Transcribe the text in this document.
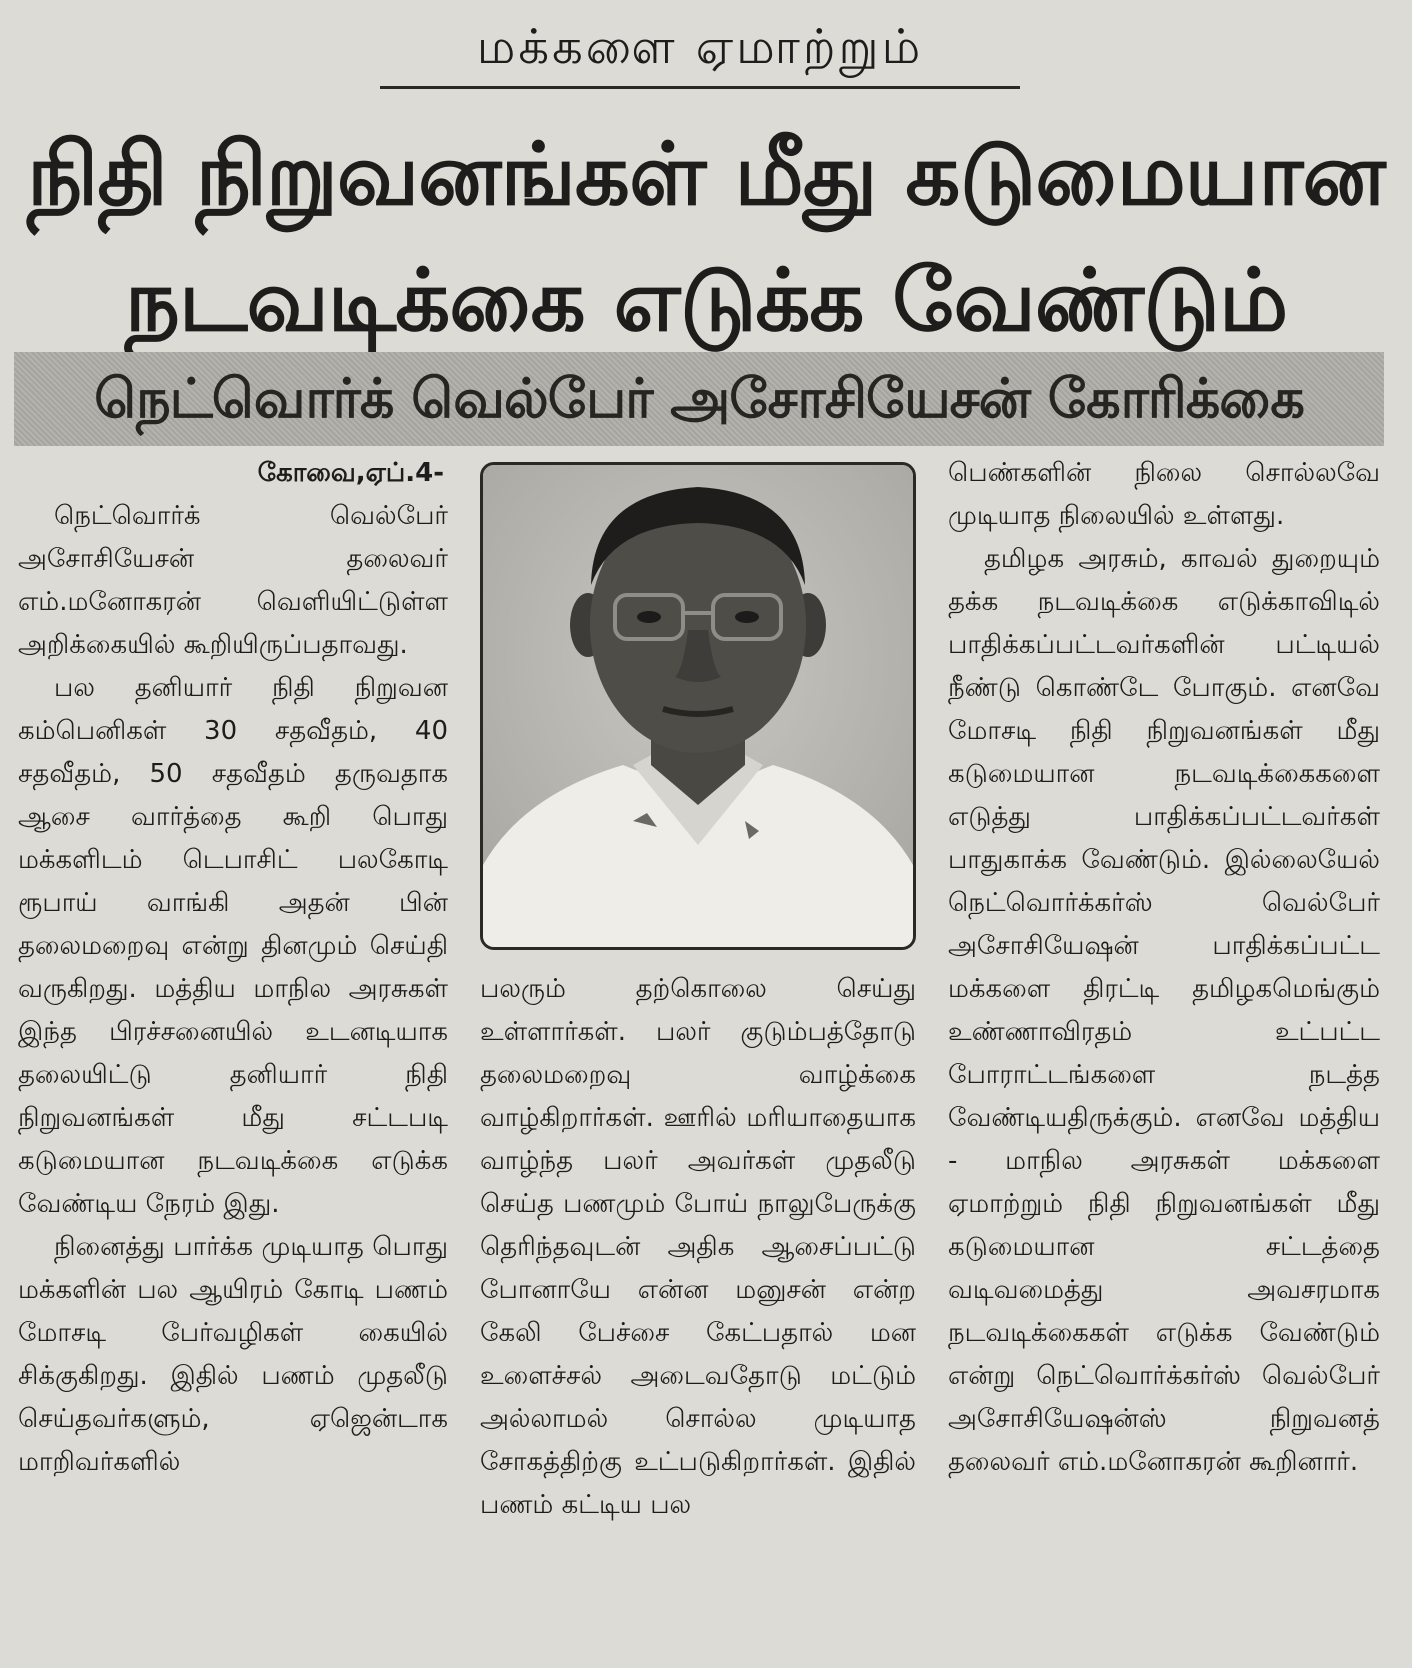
மக்களை ஏமாற்றும்
நிதி நிறுவனங்கள் மீது கடுமையான
நடவடிக்கை எடுக்க வேண்டும்
நெட்வொர்க் வெல்பேர் அசோசியேசன் கோரிக்கை

கோவை,ஏப்.4-

நெட்வொர்க் வெல்பேர் அசோசியேசன் தலைவர் எம்.மனோகரன் வெளியிட்டுள்ள அறிக்கையில் கூறியிருப்பதாவது.

பல தனியார் நிதி நிறுவன கம்பெனிகள் 30 சதவீதம், 40 சதவீதம், 50 சதவீதம் தருவதாக ஆசை வார்த்தை கூறி பொது மக்களிடம் டெபாசிட் பலகோடி ரூபாய் வாங்கி அதன் பின் தலைமறைவு என்று தினமும் செய்தி வருகிறது. மத்திய மாநில அரசுகள் இந்த பிரச்சனையில் உடனடியாக தலையிட்டு தனியார் நிதி நிறுவனங்கள் மீது சட்டபடி கடுமையான நடவடிக்கை எடுக்க வேண்டிய நேரம் இது.

நினைத்து பார்க்க முடியாத பொது மக்களின் பல ஆயிரம் கோடி பணம் மோசடி பேர்வழிகள் கையில் சிக்குகிறது. இதில் பணம் முதலீடு செய்தவர்களும், ஏஜென்டாக மாறிவர்களில்

பலரும் தற்கொலை செய்து உள்ளார்கள். பலர் குடும்பத்தோடு தலைமறைவு வாழ்க்கை வாழ்கிறார்கள். ஊரில் மரியாதையாக வாழ்ந்த பலர் அவர்கள் முதலீடு செய்த பணமும் போய் நாலுபேருக்கு தெரிந்தவுடன் அதிக ஆசைப்பட்டு போனாயே என்ன மனுசன் என்ற கேலி பேச்சை கேட்பதால் மன உளைச்சல் அடைவதோடு மட்டும் அல்லாமல் சொல்ல முடியாத சோகத்திற்கு உட்படுகிறார்கள். இதில் பணம் கட்டிய பல

பெண்களின் நிலை சொல்லவே முடியாத நிலையில் உள்ளது.

தமிழக அரசும், காவல் துறையும் தக்க நடவடிக்கை எடுக்காவிடில் பாதிக்கப்பட்டவர்களின் பட்டியல் நீண்டு கொண்டே போகும். எனவே மோசடி நிதி நிறுவனங்கள் மீது கடுமையான நடவடிக்கைகளை எடுத்து பாதிக்கப்பட்டவர்கள் பாதுகாக்க வேண்டும். இல்லையேல் நெட்வொர்க்கர்ஸ் வெல்பேர் அசோசியேஷன் பாதிக்கப்பட்ட மக்களை திரட்டி தமிழகமெங்கும் உண்ணாவிரதம் உட்பட்ட போராட்டங்களை நடத்த வேண்டியதிருக்கும். எனவே மத்திய - மாநில அரசுகள் மக்களை ஏமாற்றும் நிதி நிறுவனங்கள் மீது கடுமையான சட்டத்தை வடிவமைத்து அவசரமாக நடவடிக்கைகள் எடுக்க வேண்டும் என்று நெட்வொர்க்கர்ஸ் வெல்பேர் அசோசியேஷன்ஸ் நிறுவனத் தலைவர் எம்.மனோகரன் கூறினார்.
